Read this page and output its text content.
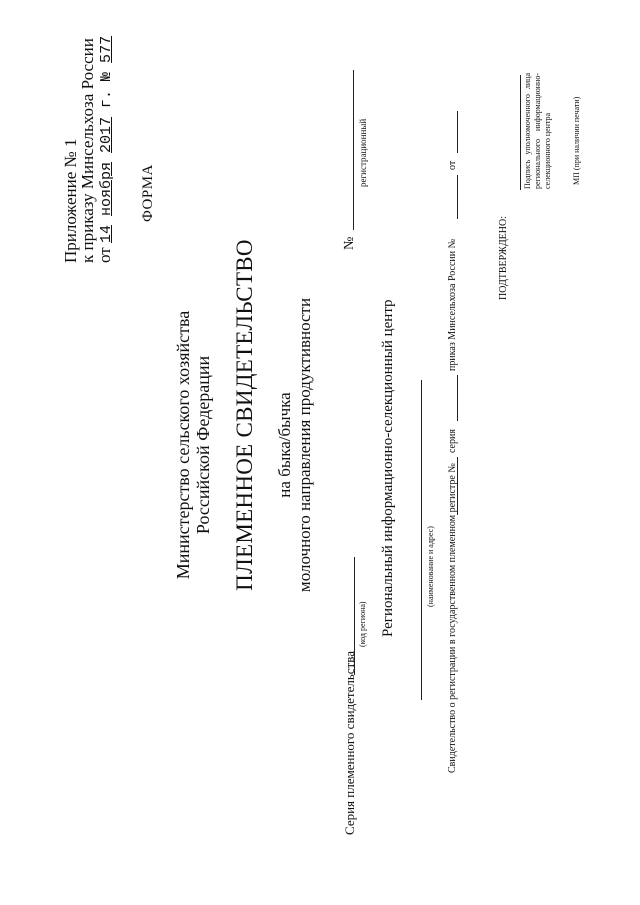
Приложение № 1
к приказу Минсельхоза России
от 14 ноября 2017 г. № 577
ФОРМА
Министерство сельского хозяйства Российской Федерации ПЛЕМЕННОЕ СВИДЕТЕЛЬСТВО на быка/бычка молочного направления продуктивности
Серия племенного свидетельства
(код региона)
№
регистрационный
Региональный информационно-селекционный центр	(наименование и адрес) Свидетельство о регистрации в государственном племенном регистре №
серия
приказ Минсельхоза России №
от
ПОДТВЕРЖДЕНО:
Подпись уполномоченного лица регионального информационно-селекционного центра	МП (при наличии печати)
